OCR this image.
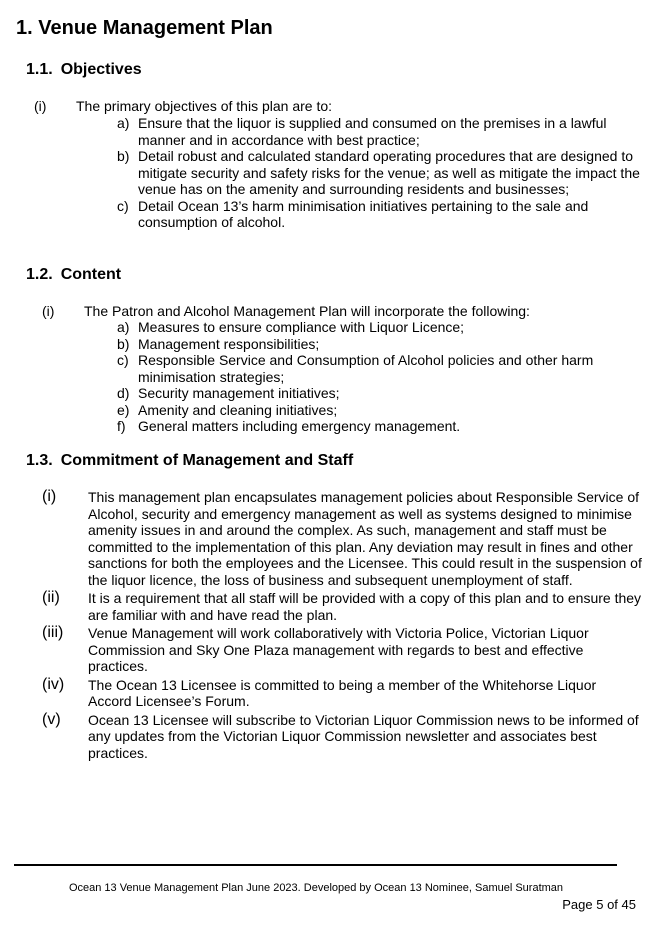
1. Venue Management Plan
1.1. Objectives
(i) The primary objectives of this plan are to:
a) Ensure that the liquor is supplied and consumed on the premises in a lawful manner and in accordance with best practice;
b) Detail robust and calculated standard operating procedures that are designed to mitigate security and safety risks for the venue; as well as mitigate the impact the venue has on the amenity and surrounding residents and businesses;
c) Detail Ocean 13’s harm minimisation initiatives pertaining to the sale and consumption of alcohol.
1.2. Content
(i) The Patron and Alcohol Management Plan will incorporate the following:
a) Measures to ensure compliance with Liquor Licence;
b) Management responsibilities;
c) Responsible Service and Consumption of Alcohol policies and other harm minimisation strategies;
d) Security management initiatives;
e) Amenity and cleaning initiatives;
f) General matters including emergency management.
1.3. Commitment of Management and Staff
(i)	This management plan encapsulates management policies about Responsible Service of Alcohol, security and emergency management as well as systems designed to minimise amenity issues in and around the complex. As such, management and staff must be committed to the implementation of this plan. Any deviation may result in fines and other sanctions for both the employees and the Licensee. This could result in the suspension of the liquor licence, the loss of business and subsequent unemployment of staff.
(ii)	It is a requirement that all staff will be provided with a copy of this plan and to ensure they are familiar with and have read the plan.
(iii)	Venue Management will work collaboratively with Victoria Police, Victorian Liquor Commission and Sky One Plaza management with regards to best and effective practices.
(iv)	The Ocean 13 Licensee is committed to being a member of the Whitehorse Liquor Accord Licensee’s Forum.
(v)	Ocean 13 Licensee will subscribe to Victorian Liquor Commission news to be informed of any updates from the Victorian Liquor Commission newsletter and associates best practices.
Ocean 13 Venue Management Plan June 2023. Developed by Ocean 13 Nominee, Samuel Suratman
Page 5 of 45
